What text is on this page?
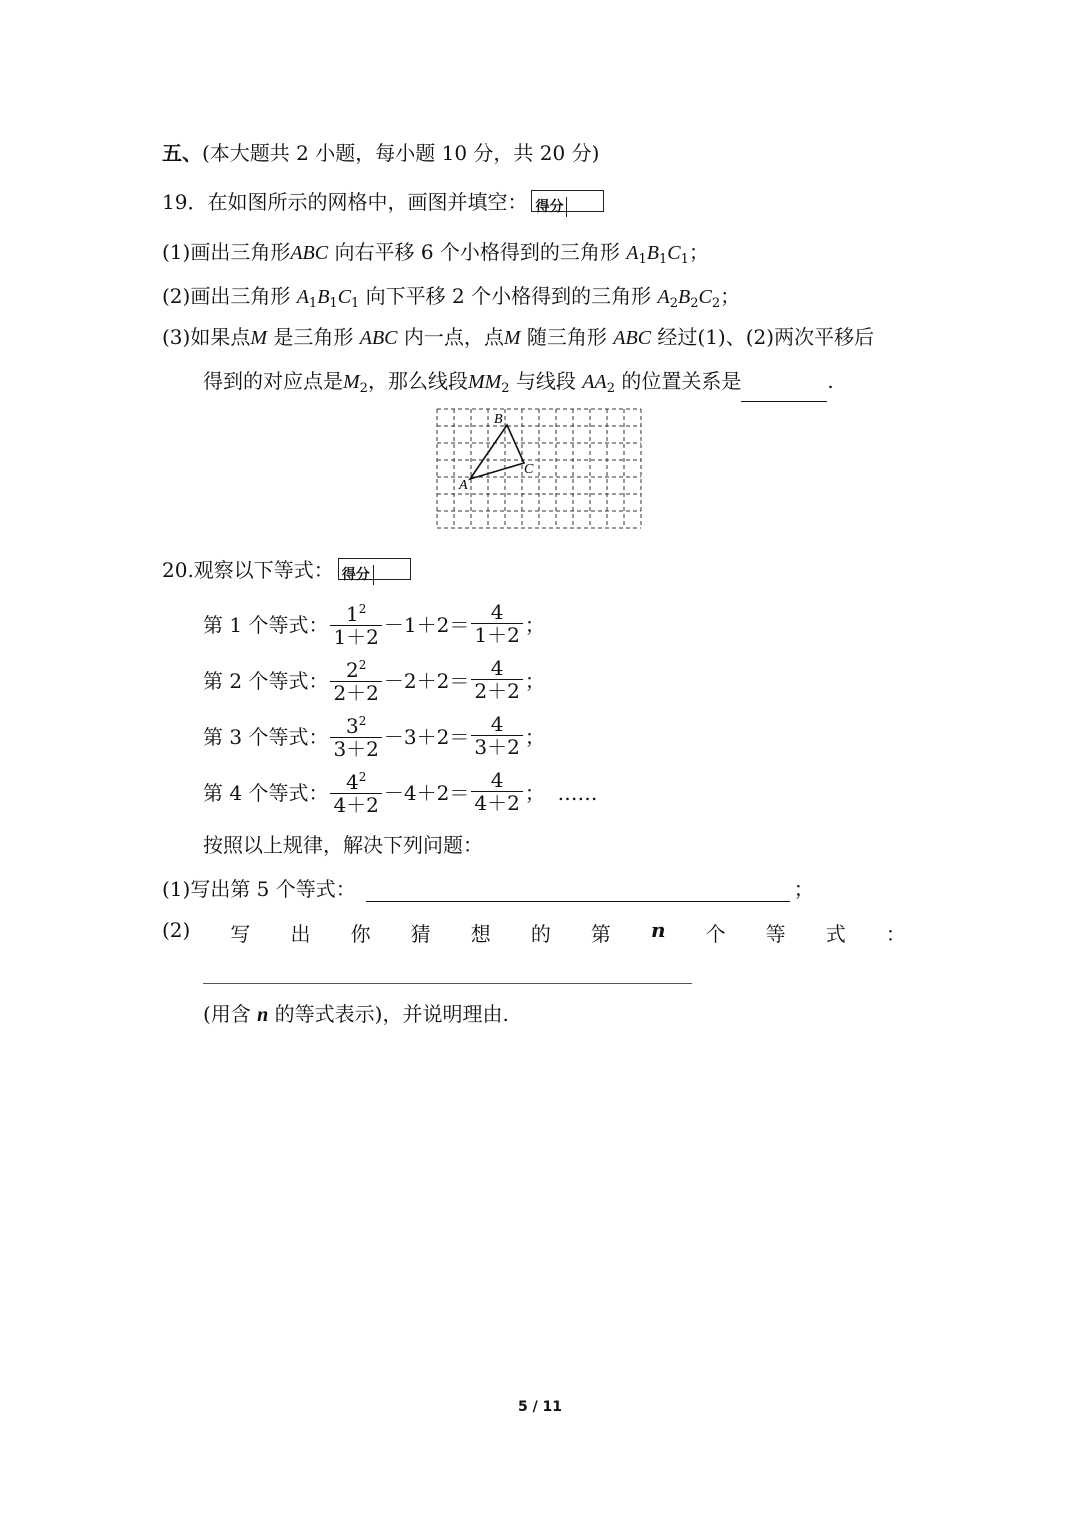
五、(本大题共 2 小题，每小题 10 分，共 20 分)
19．在如图所示的网格中，画图并填空： 得分
(1)画出三角形ABC 向右平移 6 个小格得到的三角形 $A_1B_1C_1$；
(2)画出三角形 $A_1B_1C_1$ 向下平移 2 个小格得到的三角形 $A_2B_2C_2$；
(3)如果点M 是三角形 ABC 内一点，点M 随三角形 ABC 经过(1)、(2)两次平移后
得到的对应点是$M_2$，那么线段$MM_2$ 与线段 $AA_2$ 的位置关系是	.
B
C
A
20.观察以下等式： 得分
第 1 个等式： $\frac{1^2}{1+2} -1+2= \frac{4}{1+2}$ ；
第 2 个等式： $\frac{2^2}{2+2} -2+2= \frac{4}{2+2}$ ；
第 3 个等式： $\frac{3^2}{3+2} -3+2= \frac{4}{3+2}$ ；
第 4 个等式： $\frac{4^2}{4+2} -4+2= \frac{4}{4+2}$ ；  ……
按照以上规律，解决下列问题：
(1)写出第 5 个等式：	；
(2) 写 出 你 猜 想 的 第 n 个 等 式 ：
(用含 n 的等式表示)，并说明理由.
5 / 11
